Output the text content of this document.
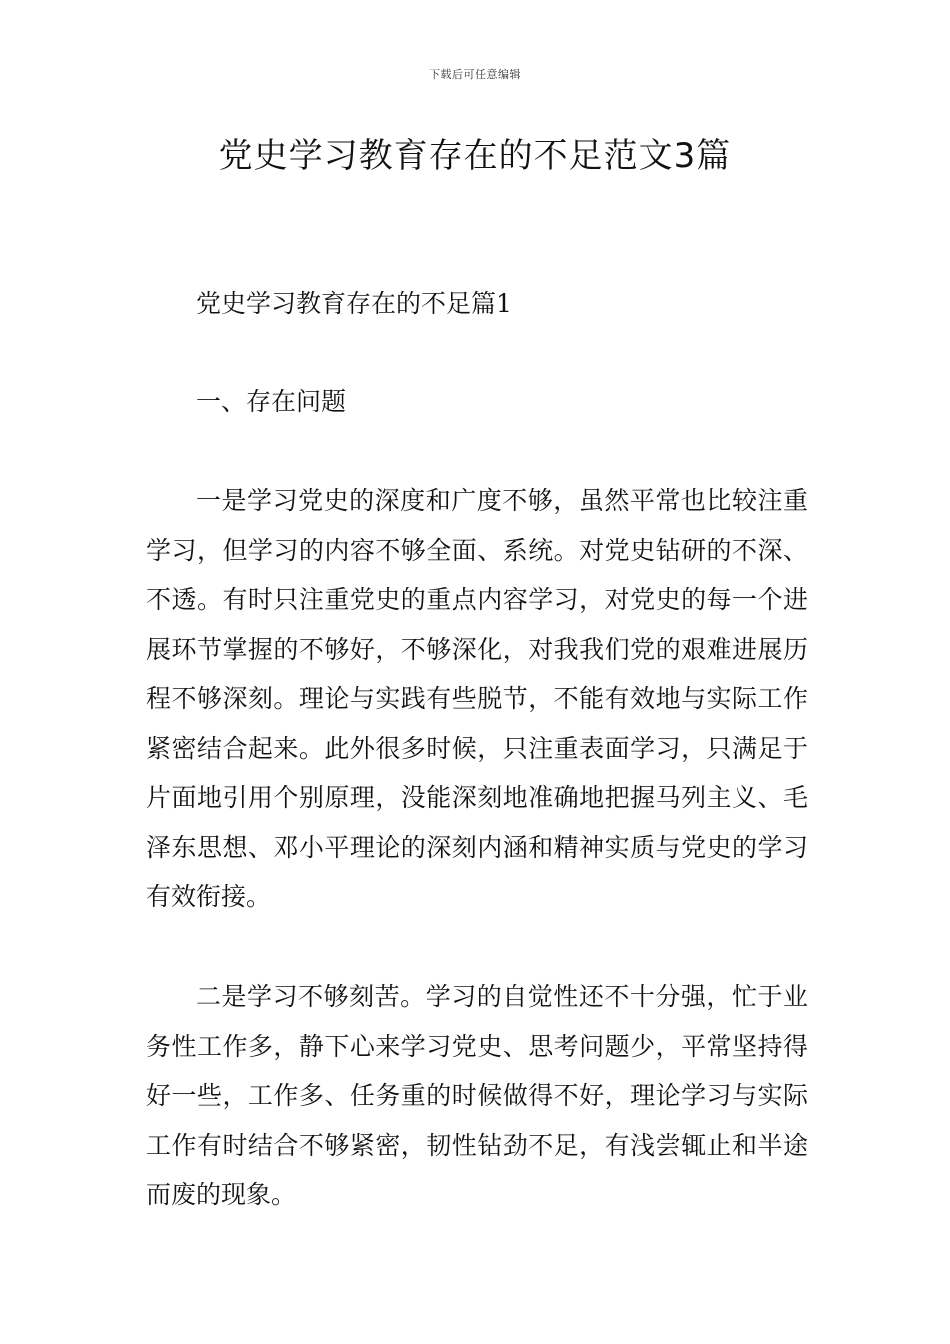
下载后可任意编辑
党史学习教育存在的不足范文3篇
党史学习教育存在的不足篇1
一、存在问题
一是学习党史的深度和广度不够，虽然平常也比较注重学习，但学习的内容不够全面、系统。对党史钻研的不深、不透。有时只注重党史的重点内容学习，对党史的每一个进展环节掌握的不够好，不够深化，对我我们党的艰难进展历程不够深刻。理论与实践有些脱节，不能有效地与实际工作紧密结合起来。此外很多时候，只注重表面学习，只满足于片面地引用个别原理，没能深刻地准确地把握马列主义、毛泽东思想、邓小平理论的深刻内涵和精神实质与党史的学习有效衔接。
二是学习不够刻苦。学习的自觉性还不十分强，忙于业务性工作多，静下心来学习党史、思考问题少，平常坚持得好一些，工作多、任务重的时候做得不好，理论学习与实际工作有时结合不够紧密，韧性钻劲不足，有浅尝辄止和半途而废的现象。
